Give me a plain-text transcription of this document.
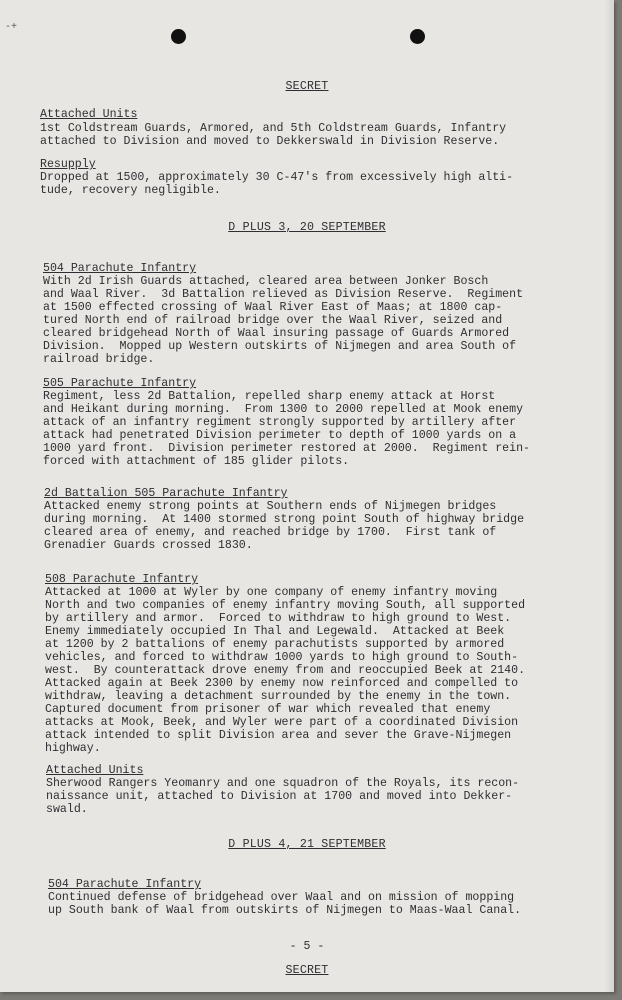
-+
SECRET
Attached Units
1st Coldstream Guards, Armored, and 5th Coldstream Guards, Infantry
attached to Division and moved to Dekkerswald in Division Reserve.
Resupply
Dropped at 1500, approximately 30 C-47's from excessively high alti-
tude, recovery negligible.
D PLUS 3, 20 SEPTEMBER
504 Parachute Infantry
With 2d Irish Guards attached, cleared area between Jonker Bosch
and Waal River.  3d Battalion relieved as Division Reserve.  Regiment
at 1500 effected crossing of Waal River East of Maas; at 1800 cap-
tured North end of railroad bridge over the Waal River, seized and
cleared bridgehead North of Waal insuring passage of Guards Armored
Division.  Mopped up Western outskirts of Nijmegen and area South of
railroad bridge.
505 Parachute Infantry
Regiment, less 2d Battalion, repelled sharp enemy attack at Horst
and Heikant during morning.  From 1300 to 2000 repelled at Mook enemy
attack of an infantry regiment strongly supported by artillery after
attack had penetrated Division perimeter to depth of 1000 yards on a
1000 yard front.  Division perimeter restored at 2000.  Regiment rein-
forced with attachment of 185 glider pilots.
2d Battalion 505 Parachute Infantry
Attacked enemy strong points at Southern ends of Nijmegen bridges
during morning.  At 1400 stormed strong point South of highway bridge
cleared area of enemy, and reached bridge by 1700.  First tank of
Grenadier Guards crossed 1830.
508 Parachute Infantry
Attacked at 1000 at Wyler by one company of enemy infantry moving
North and two companies of enemy infantry moving South, all supported
by artillery and armor.  Forced to withdraw to high ground to West.
Enemy immediately occupied In Thal and Legewald.  Attacked at Beek
at 1200 by 2 battalions of enemy parachutists supported by armored
vehicles, and forced to withdraw 1000 yards to high ground to South-
west.  By counterattack drove enemy from and reoccupied Beek at 2140.
Attacked again at Beek 2300 by enemy now reinforced and compelled to
withdraw, leaving a detachment surrounded by the enemy in the town.
Captured document from prisoner of war which revealed that enemy
attacks at Mook, Beek, and Wyler were part of a coordinated Division
attack intended to split Division area and sever the Grave-Nijmegen
highway.
Attached Units
Sherwood Rangers Yeomanry and one squadron of the Royals, its recon-
naissance unit, attached to Division at 1700 and moved into Dekker-
swald.
D PLUS 4, 21 SEPTEMBER
504 Parachute Infantry
Continued defense of bridgehead over Waal and on mission of mopping
up South bank of Waal from outskirts of Nijmegen to Maas-Waal Canal.
- 5 -
SECRET
